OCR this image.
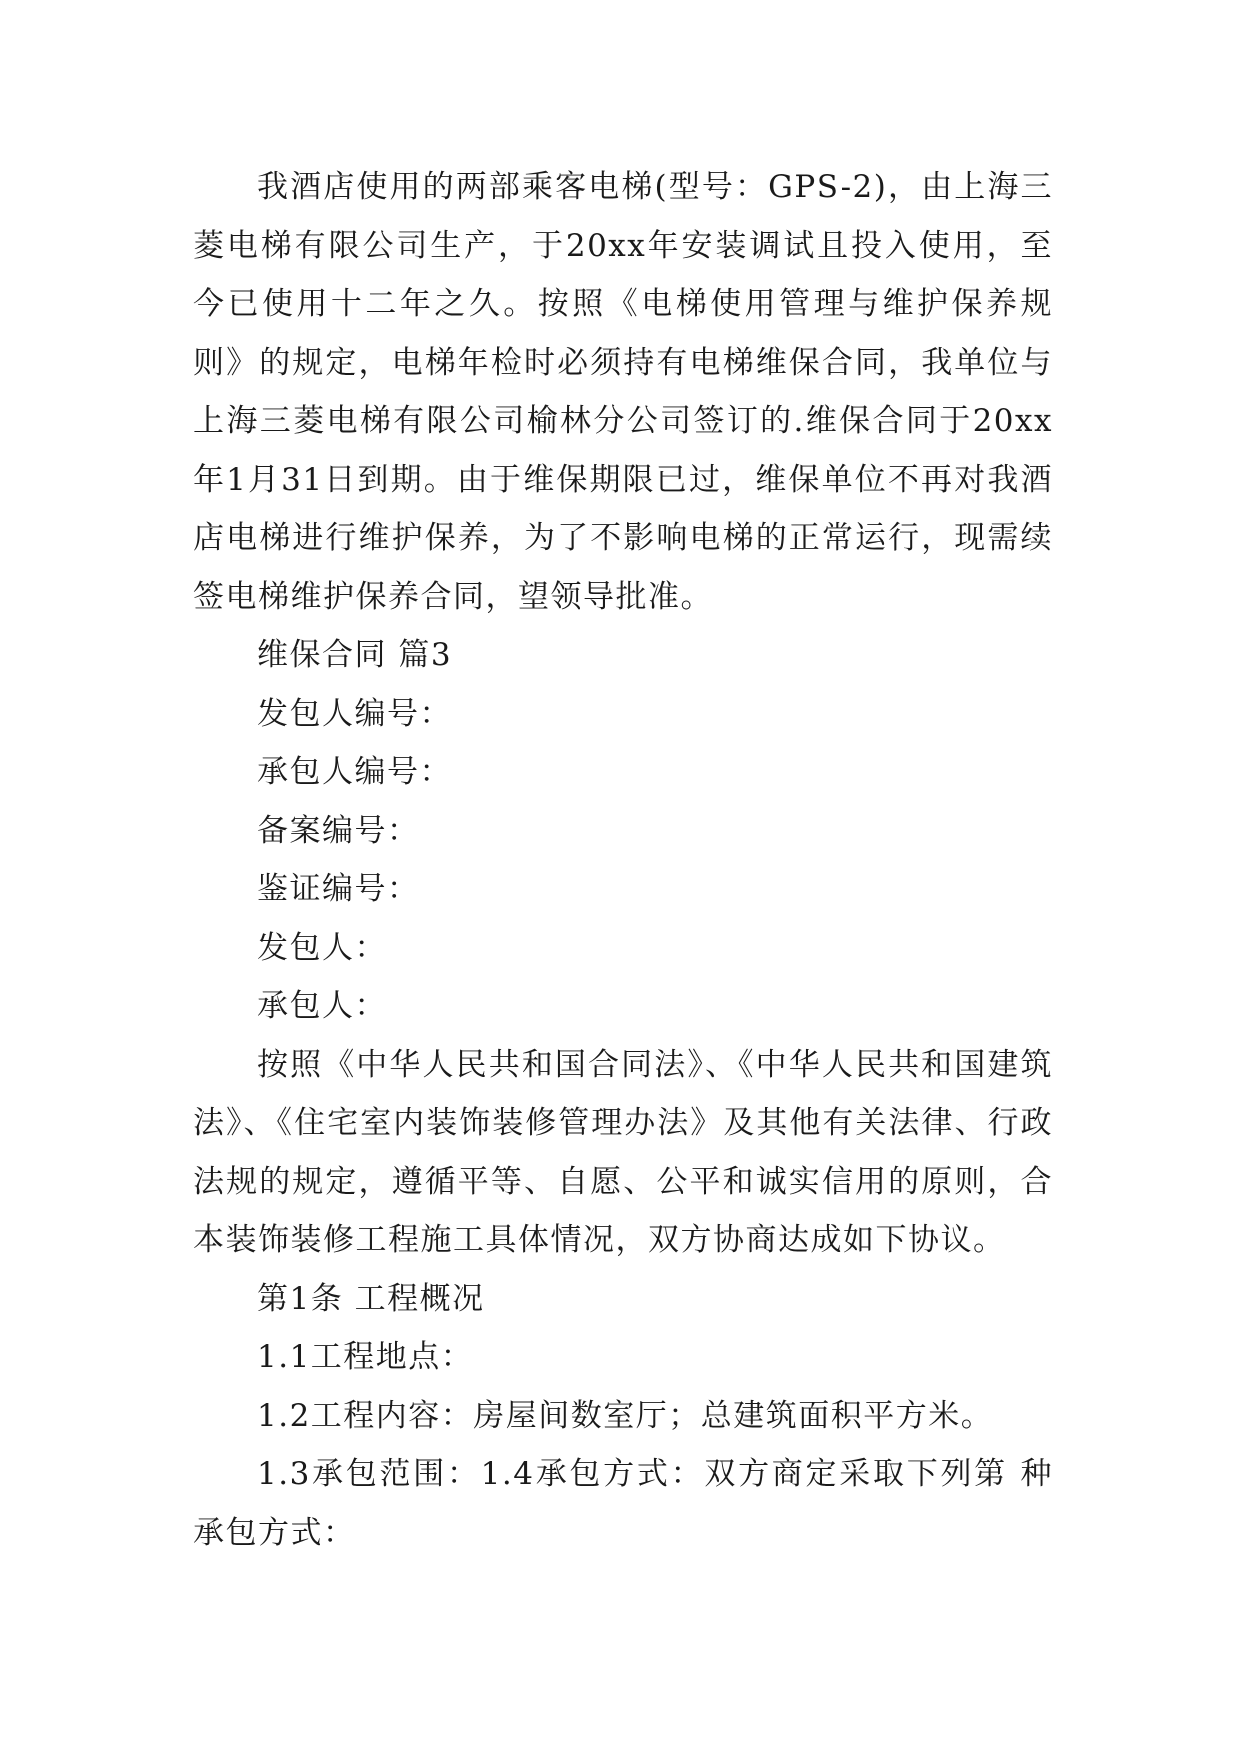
我酒店使用的两部乘客电梯(型号：GPS-2)，由上海三菱电梯有限公司生产，于20xx年安装调试且投入使用，至今已使用十二年之久。按照《电梯使用管理与维护保养规则》的规定，电梯年检时必须持有电梯维保合同，我单位与上海三菱电梯有限公司榆林分公司签订的.维保合同于20xx年1月31日到期。由于维保期限已过，维保单位不再对我酒店电梯进行维护保养，为了不影响电梯的正常运行，现需续签电梯维护保养合同，望领导批准。

维保合同 篇3

发包人编号：

承包人编号：

备案编号：

鉴证编号：

发包人：

承包人：

按照《中华人民共和国合同法》、《中华人民共和国建筑法》、《住宅室内装饰装修管理办法》及其他有关法律、行政法规的规定，遵循平等、自愿、公平和诚实信用的原则，合本装饰装修工程施工具体情况，双方协商达成如下协议。

第1条 工程概况

1.1工程地点：

1.2工程内容：房屋间数室厅；总建筑面积平方米。

1.3承包范围：1.4承包方式：双方商定采取下列第 种承包方式：
